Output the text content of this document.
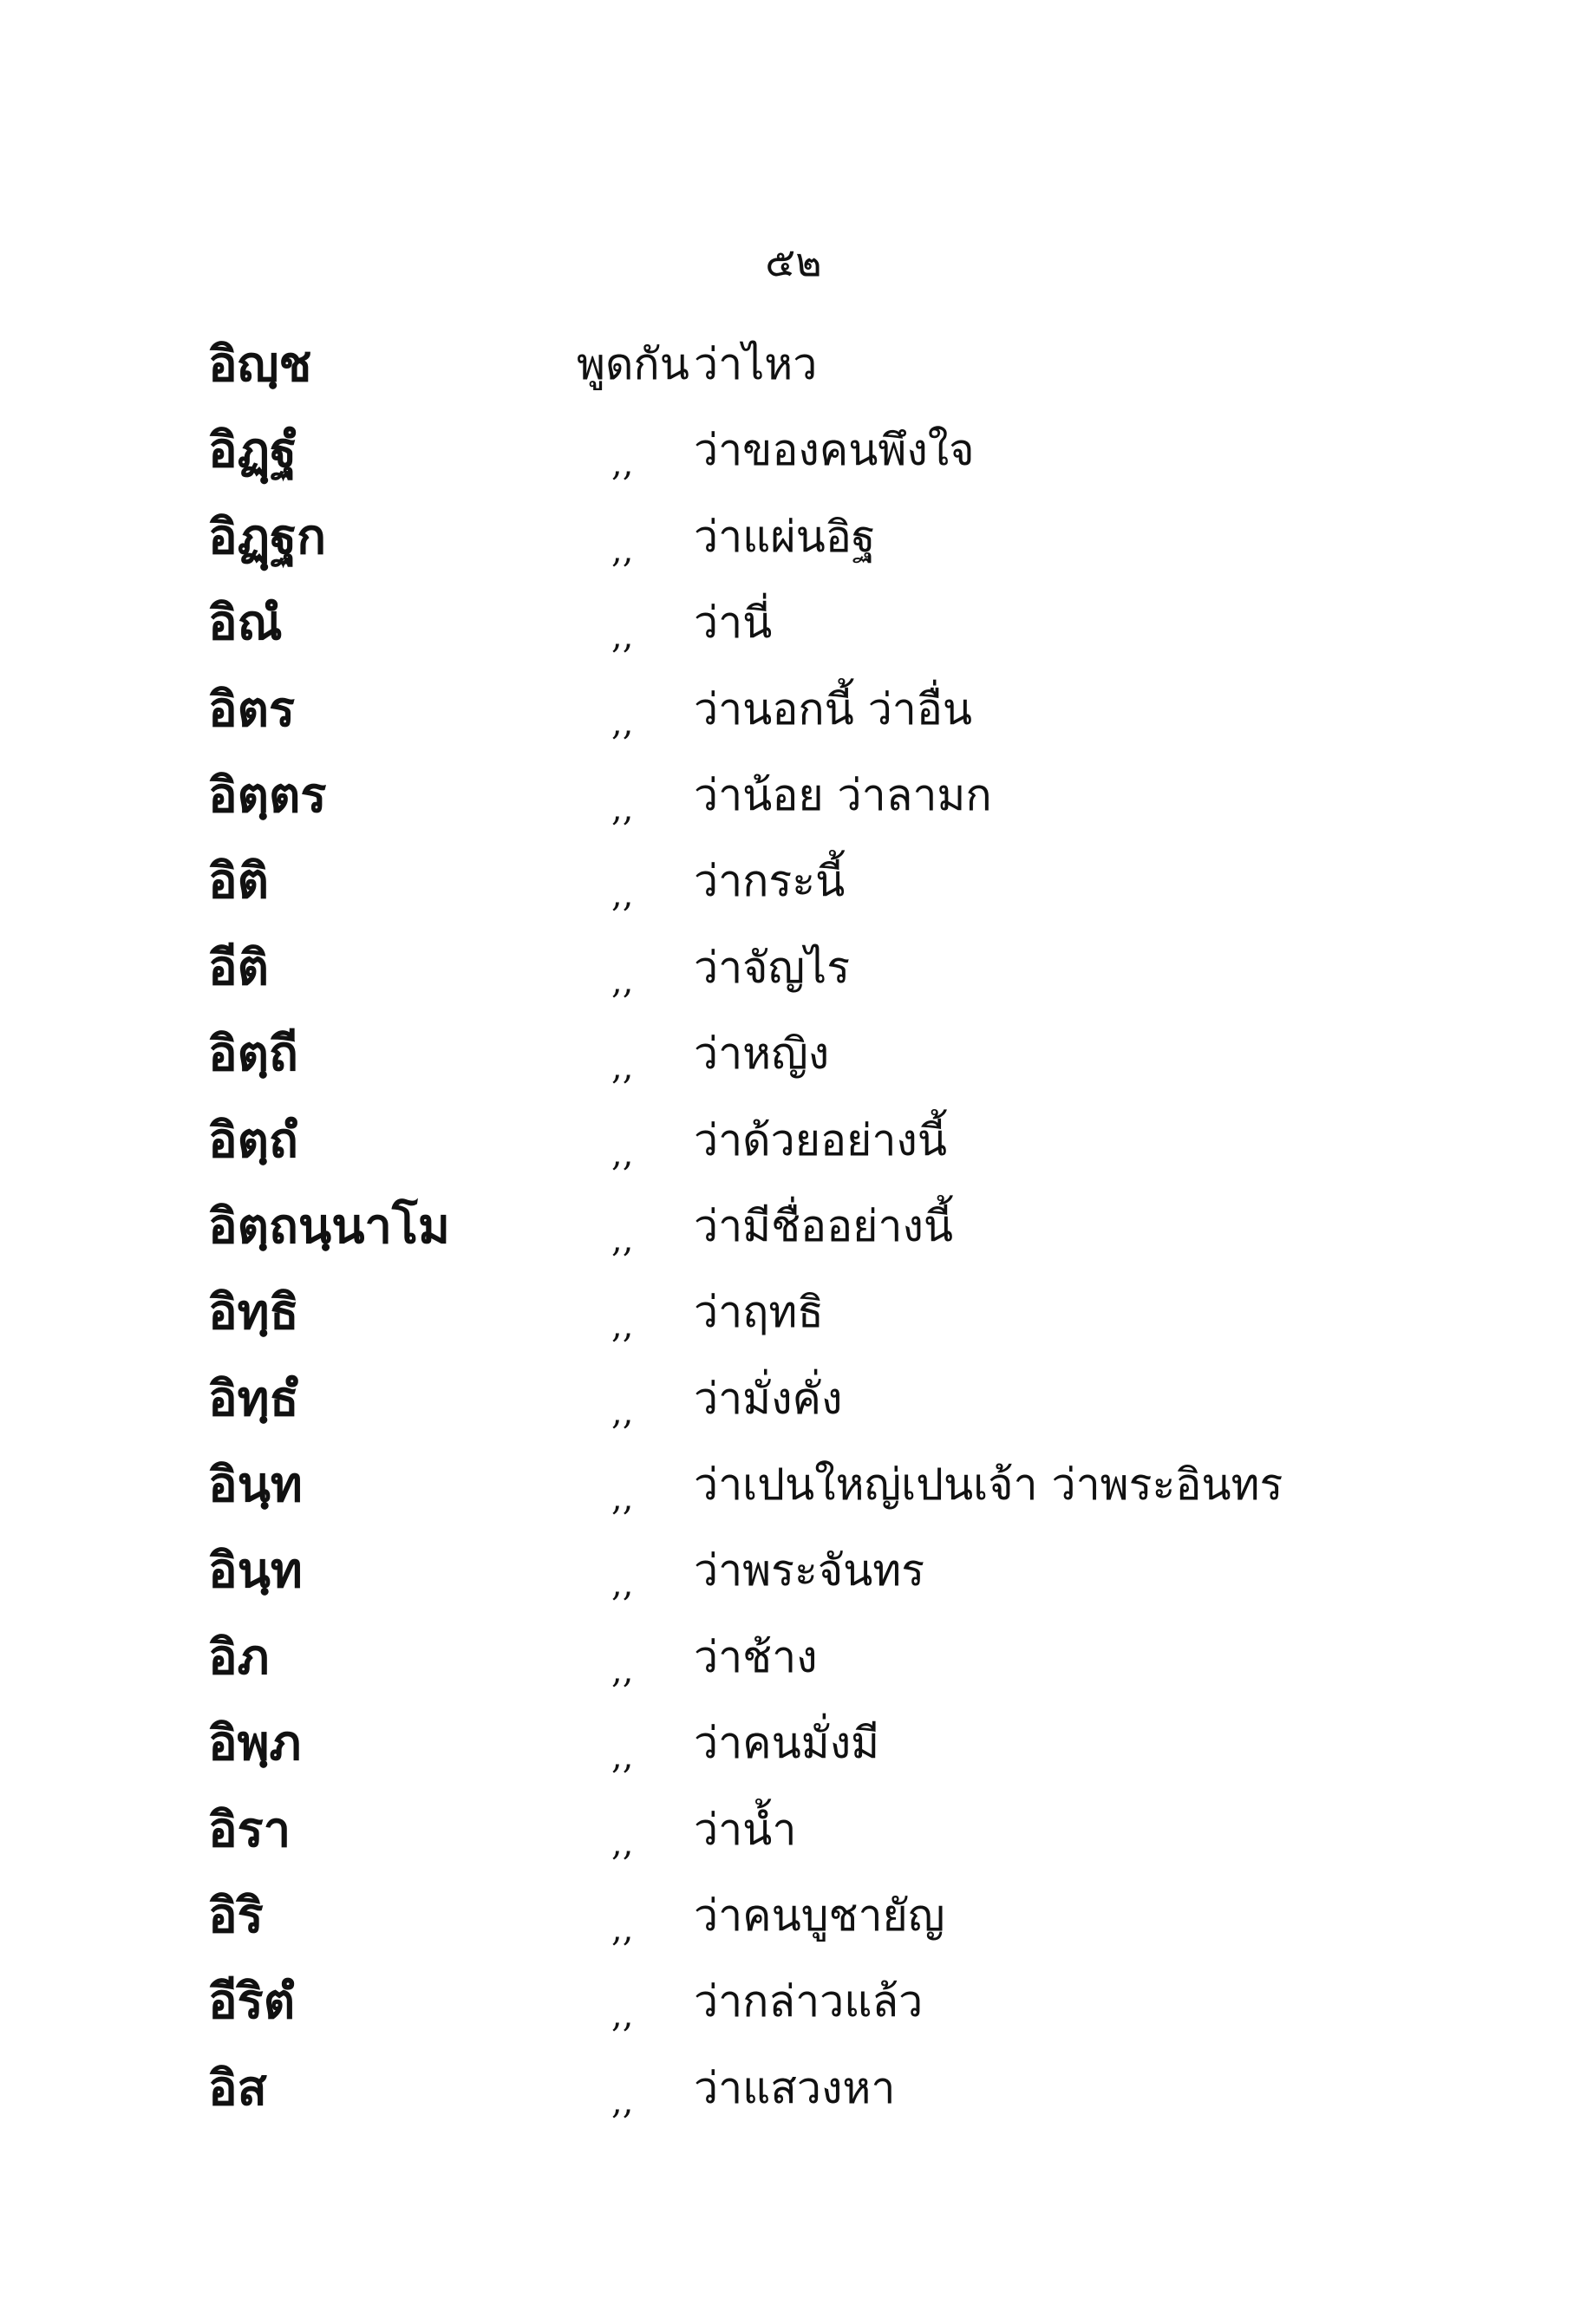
๕๒
อิญฺช	พูดกัน ว่าไหว
อิฏฺฐํ	,, ว่าของคนพึงใจ
อิฏฺฐก	,, ว่าแผ่นอิฐ
อิณํ	,, ว่านี่
อิตร	,, ว่านอกนี้ ว่าอื่น
อิตฺตร	,, ว่าน้อย ว่าลามก
อิติ	,, ว่ากระนี้
อีติ	,, ว่าจัญไร
อิตฺถี	,, ว่าหญิง
อิตฺถํ	,, ว่าด้วยอย่างนี้
อิตฺถนฺนาโม	,, ว่ามีชื่ออย่างนี้
อิทฺธิ	,, ว่าฤทธิ
อิทฺธํ	,, ว่ามั่งคั่ง
อินฺท	,, ว่าเปนใหญ่เปนเจ้า ว่าพระอินทร
อินฺท	,, ว่าพระจันทร
อิภ	,, ว่าช้าง
อิพฺภ	,, ว่าคนมั่งมี
อิรา	,, ว่าน้ำ
อิริ	,, ว่าคนบูชายัญ
อีริตํ	,, ว่ากล่าวแล้ว
อิส	,, ว่าแสวงหา
